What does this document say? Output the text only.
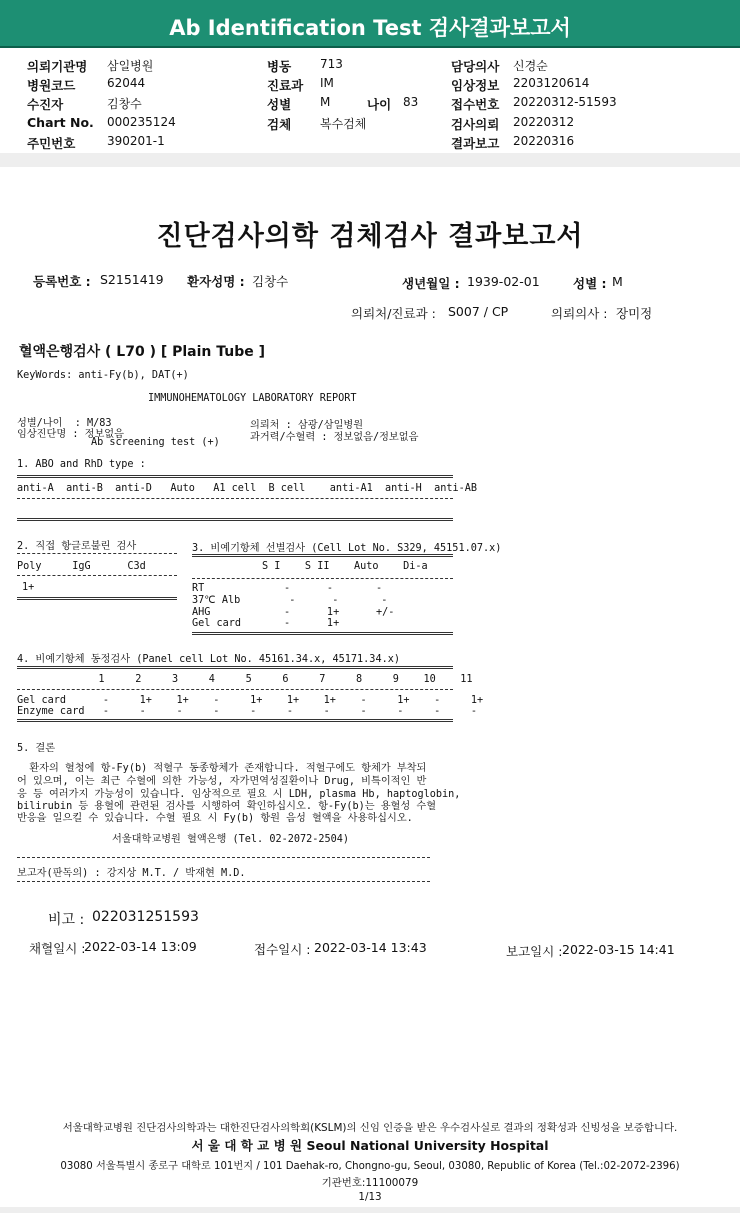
Ab Identification Test 검사결과보고서
의뢰기관명 삼일병원
병원코드	62044
수진자	김창수
Chart No. 000235124
주민번호	390201-1
병동 713
진료과 IM
성별 M	나이 83
검체 복수검체
담당의사 신경순
임상정보 2203120614
접수번호 20220312-51593
검사의뢰 20220312
결과보고 20220316
진단검사의학 검체검사 결과보고서
등록번호 : S2151419 환자성명 : 김창수	생년월일 : 1939-02-01	성별 : M
의뢰처/진료과 : S007 / CP	의뢰의사 : 장미정
혈액은행검사 ( L70 ) [ Plain Tube ]
KeyWords: anti-Fy(b), DAT(+)
IMMUNOHEMATOLOGY LABORATORY REPORT
성별/나이  : M/83
임상진단명 : 정보없음
Ab screening test (+)
의뢰처 : 삼광/삼일병원
과거력/수혈력 : 정보없음/정보없음
1. ABO and RhD type :
anti-A  anti-B  anti-D   Auto   A1 cell  B cell    anti-A1  anti-H  anti-AB
2. 직접 항글로불린 검사
Poly     IgG      C3d
1+
3. 비예기항체 선별검사 (Cell Lot No. S329, 45151.07.x)
S I    S II    Auto    Di-a
RT             -      -       -
37℃ Alb        -      -       -
AHG            -      1+      +/-
Gel card       -      1+
4. 비예기항체 동정검사 (Panel cell Lot No. 45161.34.x, 45171.34.x)
1     2     3     4     5     6     7     8     9    10    11
Gel card      -     1+    1+    -     1+    1+    1+    -     1+    -     1+
Enzyme card   -     -     -     -     -     -     -     -     -     -     -
5. 결론
환자의 혈청에 항-Fy(b) 적혈구 동종항체가 존재합니다. 적혈구에도 항체가 부착되
어 있으며, 이는 최근 수혈에 의한 가능성, 자가면역성질환이나 Drug, 비특이적인 반
응 등 여러가지 가능성이 있습니다. 임상적으로 필요 시 LDH, plasma Hb, haptoglobin,
bilirubin 등 용혈에 관련된 검사를 시행하여 확인하십시오. 항-Fy(b)는 용혈성 수혈
반응을 일으킬 수 있습니다. 수혈 필요 시 Fy(b) 항원 음성 혈액을 사용하십시오.
서울대학교병원 혈액은행 (Tel. 02-2072-2504)
보고자(판독의) : 강지상 M.T. / 박재현 M.D.
비고 : 022031251593
채혈일시 :
2022-03-14 13:09	접수일시 : 2022-03-14 13:43	보고일시 : 2022-03-15 14:41
서울대학교병원 진단검사의학과는 대한진단검사의학회(KSLM)의 신임 인증을 받은 우수검사실로 결과의 정확성과 신빙성을 보증합니다.
서 울 대 학 교 병 원 Seoul National University Hospital
03080 서울특별시 종로구 대학로 101번지 / 101 Daehak-ro, Chongno-gu, Seoul, 03080, Republic of Korea (Tel.:02-2072-2396)
기관번호:11100079
1/13
